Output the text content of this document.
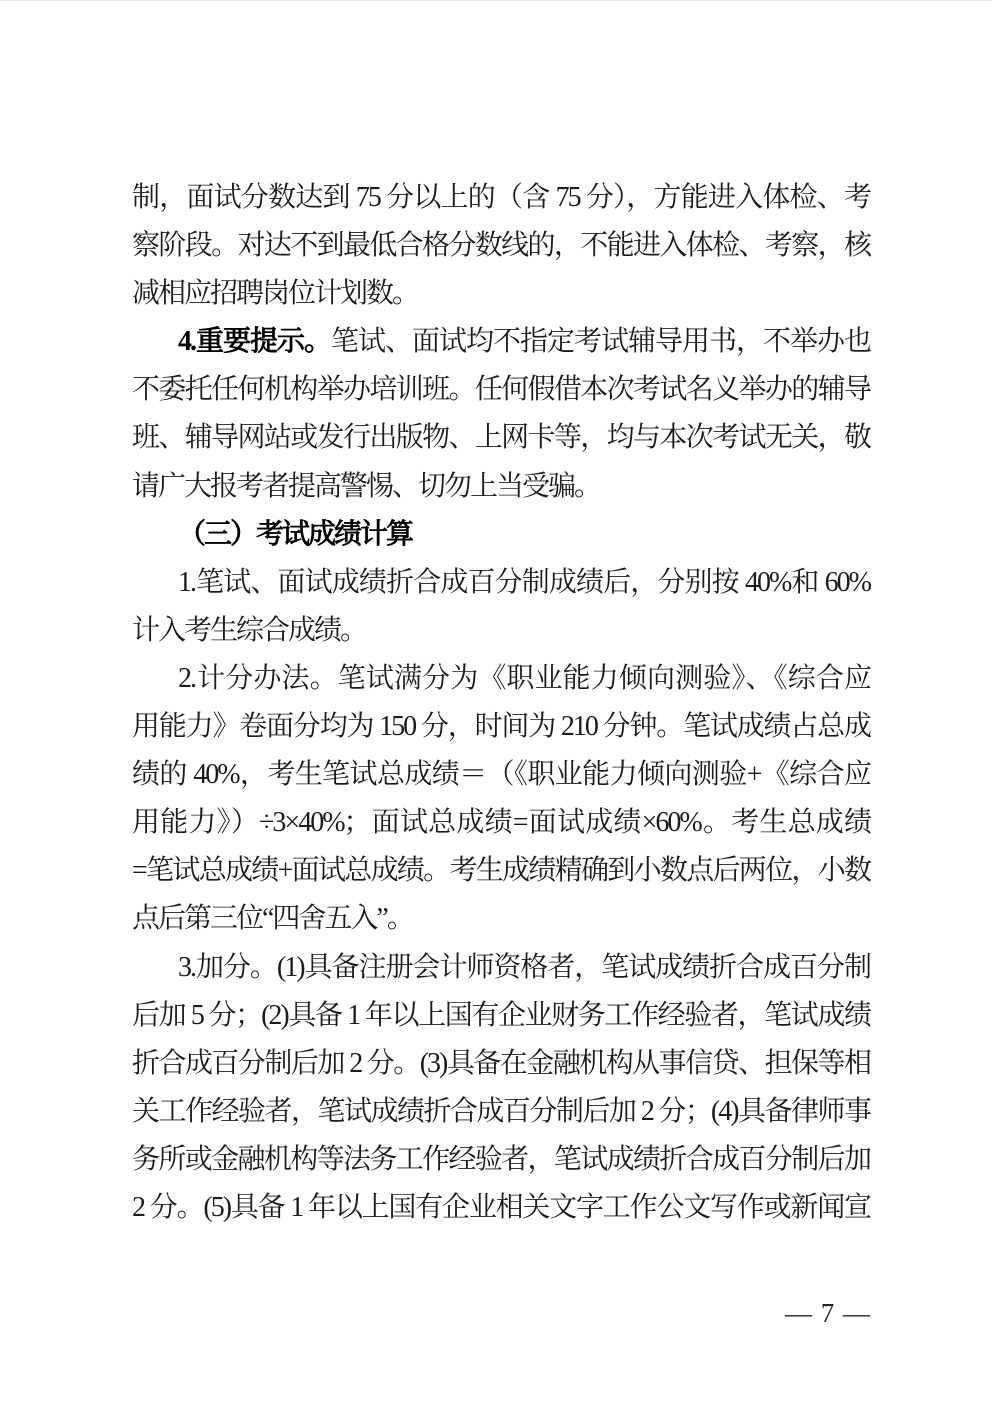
制，面试分数达到 75 分以上的（含 75 分），方能进入体检、考
察阶段。对达不到最低合格分数线的，不能进入体检、考察，核
减相应招聘岗位计划数。
4.重要提示。笔试、面试均不指定考试辅导用书，不举办也
不委托任何机构举办培训班。任何假借本次考试名义举办的辅导
班、辅导网站或发行出版物、上网卡等，均与本次考试无关，敬
请广大报考者提高警惕、切勿上当受骗。
（三）考试成绩计算
1.笔试、面试成绩折合成百分制成绩后，分别按 40%和 60%
计入考生综合成绩。
2.计分办法。笔试满分为《职业能力倾向测验》、《综合应
用能力》卷面分均为 150 分，时间为 210 分钟。笔试成绩占总成
绩的 40%，考生笔试总成绩＝（《职业能力倾向测验+《综合应
用能力》）÷3×40%；面试总成绩=面试成绩×60%。考生总成绩
=笔试总成绩+面试总成绩。考生成绩精确到小数点后两位，小数
点后第三位“四舍五入”。
3.加分。(1)具备注册会计师资格者，笔试成绩折合成百分制
后加 5 分；(2)具备 1 年以上国有企业财务工作经验者，笔试成绩
折合成百分制后加 2 分。(3)具备在金融机构从事信贷、担保等相
关工作经验者，笔试成绩折合成百分制后加 2 分；(4)具备律师事
务所或金融机构等法务工作经验者，笔试成绩折合成百分制后加
2 分。(5)具备 1 年以上国有企业相关文字工作公文写作或新闻宣
— 7 —
